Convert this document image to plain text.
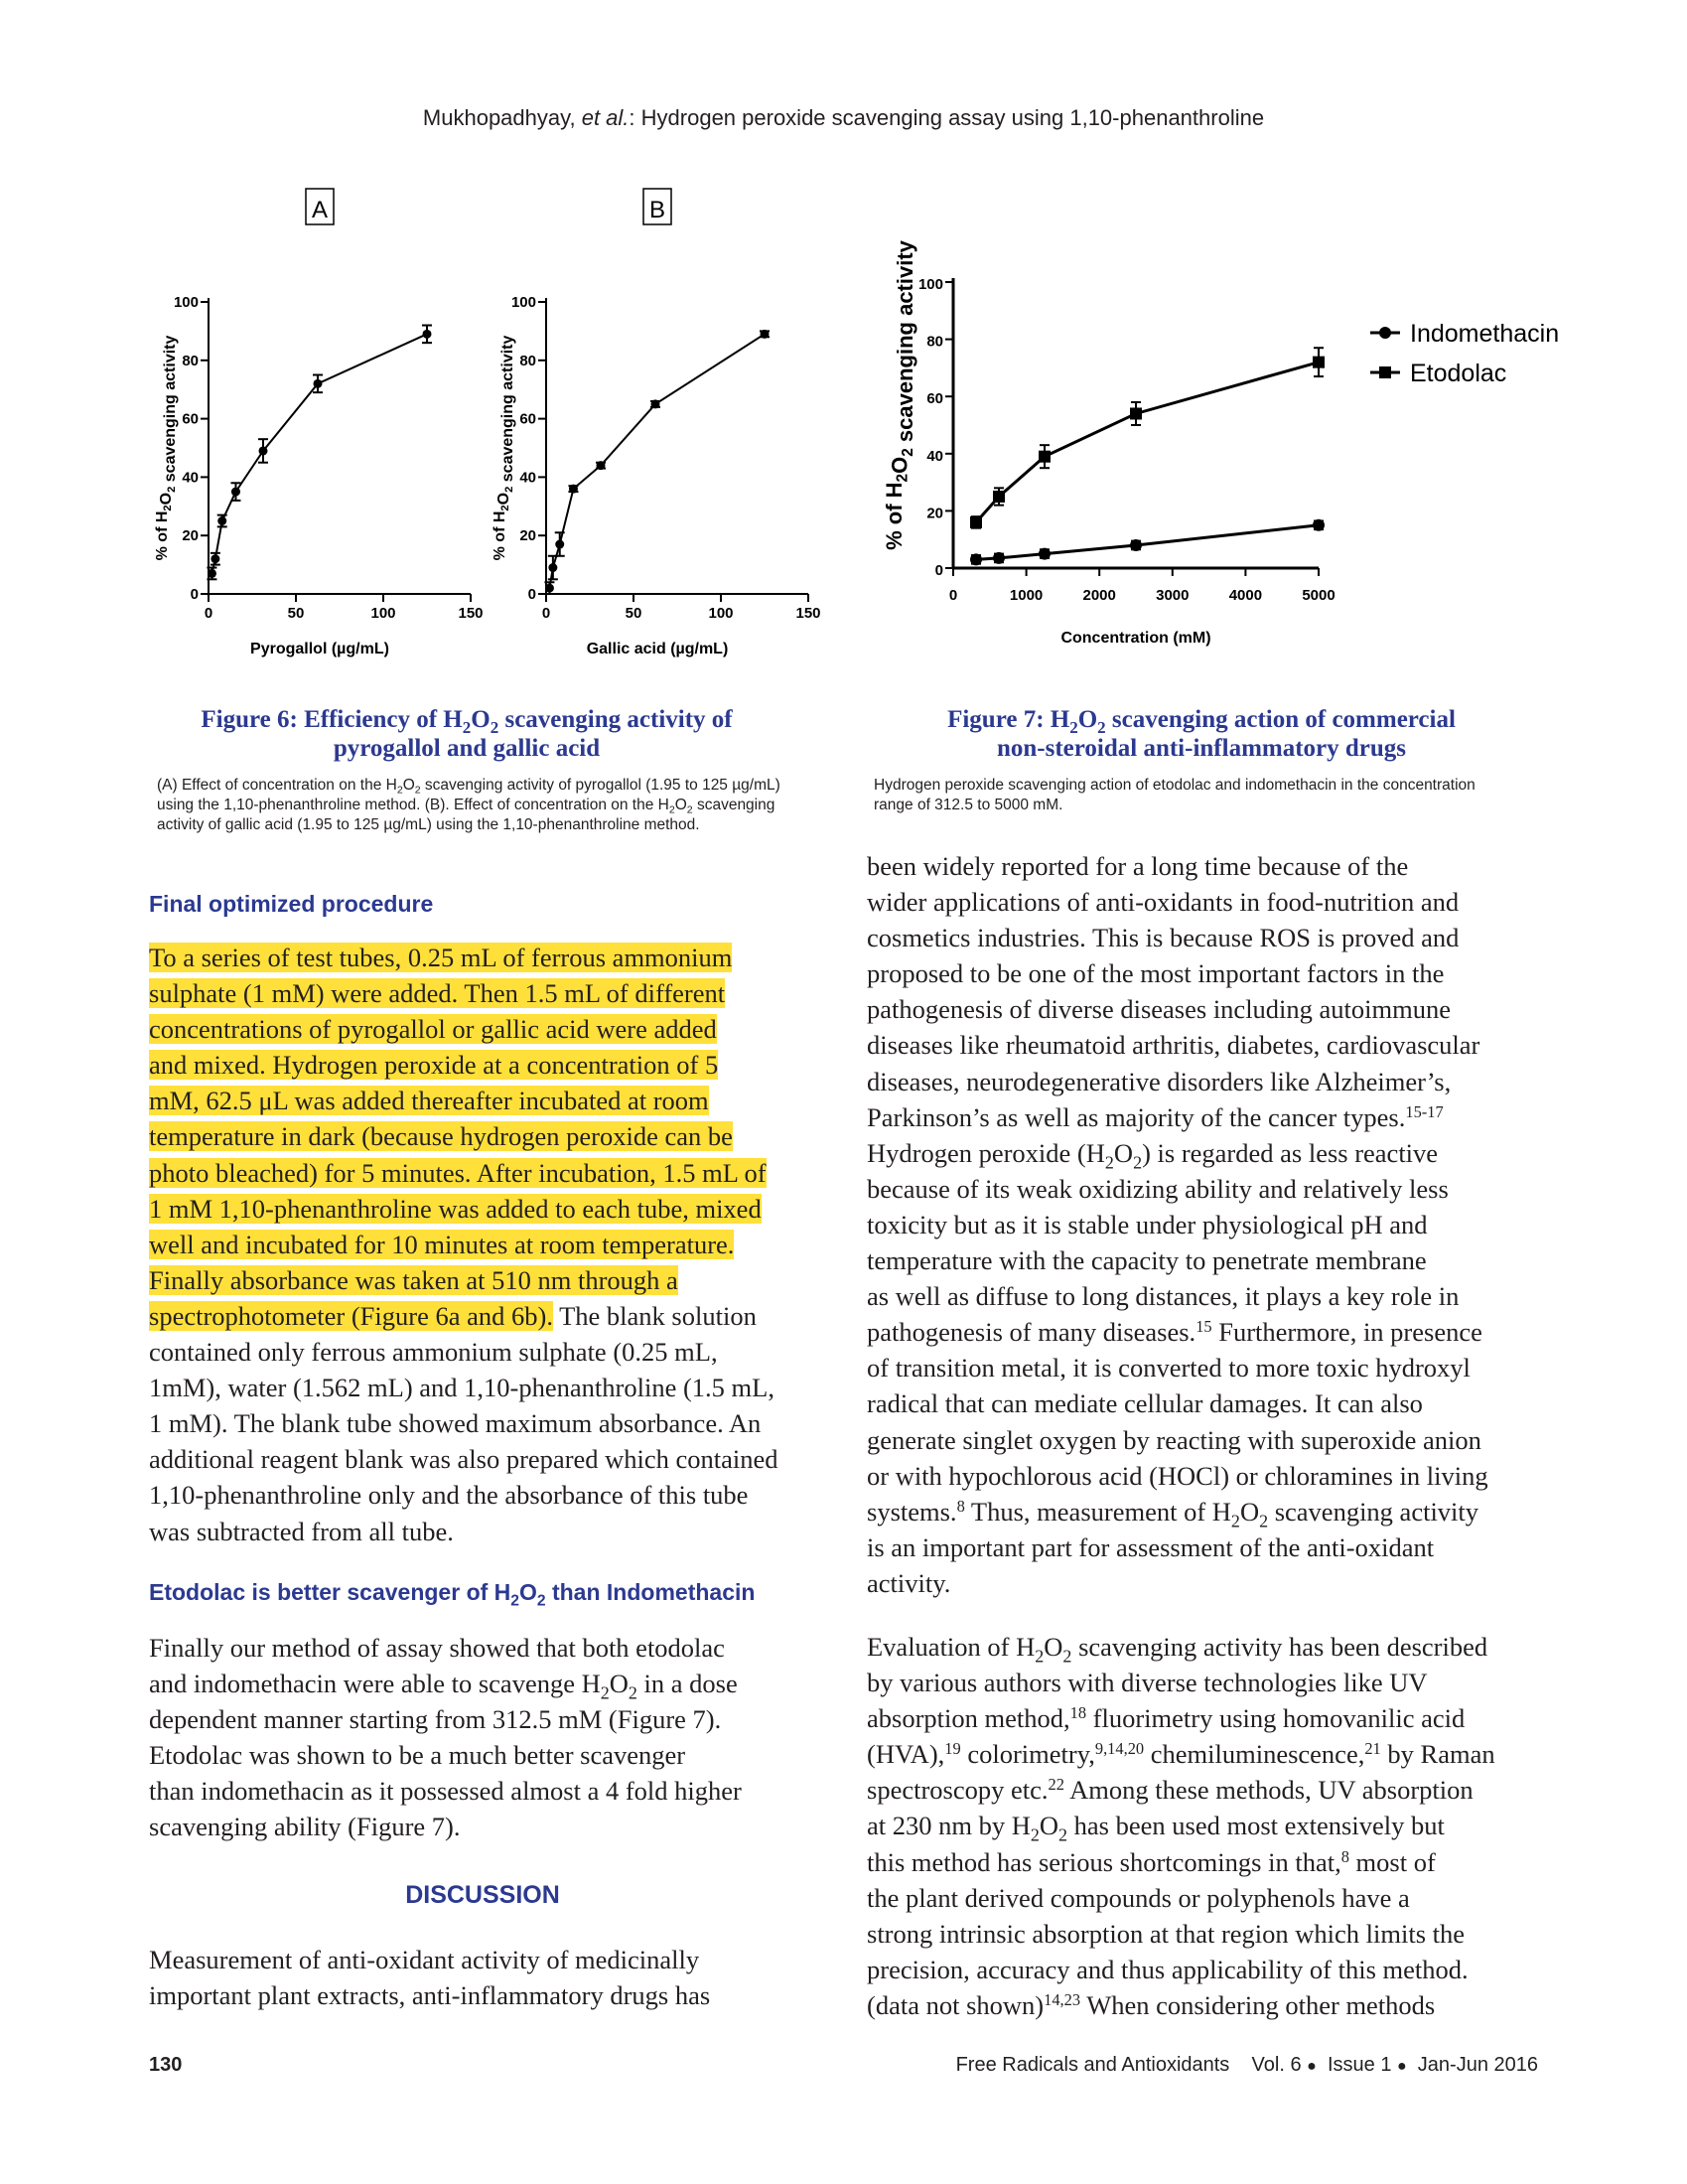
Mukhopadhyay, et al.: Hydrogen peroxide scavenging assay using 1,10-phenanthroline
0
20
40
60
80
100
0	50	100	150
Pyrogallol (µg/mL)
% of $H_2O_2$ scavenging activity
A
0
20
40
60
80
100
0	50	100	150
Gallic acid (µg/mL)
% of $H_2O_2$ scavenging activity
B
0
20
40
60
80
100
0	1000	2000	3000	4000	5000
Concentration (mM)
% of $H_2O_2$ scavenging activity	Indomethacin
Etodolac
Figure 6: Efficiency of $H_2O_2$ scavenging activity of
pyrogallol and gallic acid
(A) Effect of concentration on the $H_2O_2$ scavenging activity of pyrogallol (1.95 to 125 µg/mL)
using the 1,10-phenanthroline method. (B). Effect of concentration on the $H_2O_2$ scavenging
activity of gallic acid (1.95 to 125 µg/mL) using the 1,10-phenanthroline method.
Figure 7: $H_2O_2$ scavenging action of commercial
non-steroidal anti-inflammatory drugs
Hydrogen peroxide scavenging action of etodolac and indomethacin in the concentration
range of 312.5 to 5000 mM.
Final optimized procedure
To a series of test tubes, 0.25 mL of ferrous ammonium
sulphate (1 mM) were added. Then 1.5 mL of different
concentrations of pyrogallol or gallic acid were added
and mixed. Hydrogen peroxide at a concentration of 5
mM, 62.5 μL was added thereafter incubated at room
temperature in dark (because hydrogen peroxide can be
photo bleached) for 5 minutes. After incubation, 1.5 mL of
1 mM 1,10-phenanthroline was added to each tube, mixed
well and incubated for 10 minutes at room temperature.
Finally absorbance was taken at 510 nm through a
spectrophotometer (Figure 6a and 6b). The blank solution
contained only ferrous ammonium sulphate (0.25 mL,
1mM), water (1.562 mL) and 1,10-phenanthroline (1.5 mL,
1 mM). The blank tube showed maximum absorbance. An
additional reagent blank was also prepared which contained
1,10-phenanthroline only and the absorbance of this tube
was subtracted from all tube.
Etodolac is better scavenger of $H_2O_2$ than Indomethacin
Finally our method of assay showed that both etodolac
and indomethacin were able to scavenge $H_2O_2$ in a dose
dependent manner starting from 312.5 mM (Figure 7).
Etodolac was shown to be a much better scavenger
than indomethacin as it possessed almost a 4 fold higher
scavenging ability (Figure 7).
DISCUSSION
Measurement of anti-oxidant activity of medicinally
important plant extracts, anti-inflammatory drugs has
been widely reported for a long time because of the
wider applications of anti-oxidants in food-nutrition and
cosmetics industries. This is because ROS is proved and
proposed to be one of the most important factors in the
pathogenesis of diverse diseases including autoimmune
diseases like rheumatoid arthritis, diabetes, cardiovascular
diseases, neurodegenerative disorders like Alzheimer’s,
Parkinson’s as well as majority of the cancer types.$^{15-17}$
Hydrogen peroxide $(H_2O_2)$ is regarded as less reactive
because of its weak oxidizing ability and relatively less
toxicity but as it is stable under physiological pH and
temperature with the capacity to penetrate membrane
as well as diffuse to long distances, it plays a key role in
pathogenesis of many diseases.$^{15}$ Furthermore, in presence
of transition metal, it is converted to more toxic hydroxyl
radical that can mediate cellular damages. It can also
generate singlet oxygen by reacting with superoxide anion
or with hypochlorous acid (HOCl) or chloramines in living
systems.$^8$ Thus, measurement of $H_2O_2$ scavenging activity
is an important part for assessment of the anti-oxidant
activity.
Evaluation of $H_2O_2$ scavenging activity has been described
by various authors with diverse technologies like UV
absorption method,$^{18}$ fluorimetry using homovanilic acid
(HVA),$^{19}$ colorimetry,$^{9,14,20}$ chemiluminescence,$^{21}$ by Raman
spectroscopy etc.$^{22}$ Among these methods, UV absorption
at 230 nm by $H_2O_2$ has been used most extensively but
this method has serious shortcomings in that,$^8$ most of
the plant derived compounds or polyphenols have a
strong intrinsic absorption at that region which limits the
precision, accuracy and thus applicability of this method.
(data not shown)$^{14,23}$ When considering other methods
130	Free Radicals and Antioxidants Vol. 6 ● Issue 1 ● Jan-Jun 2016
